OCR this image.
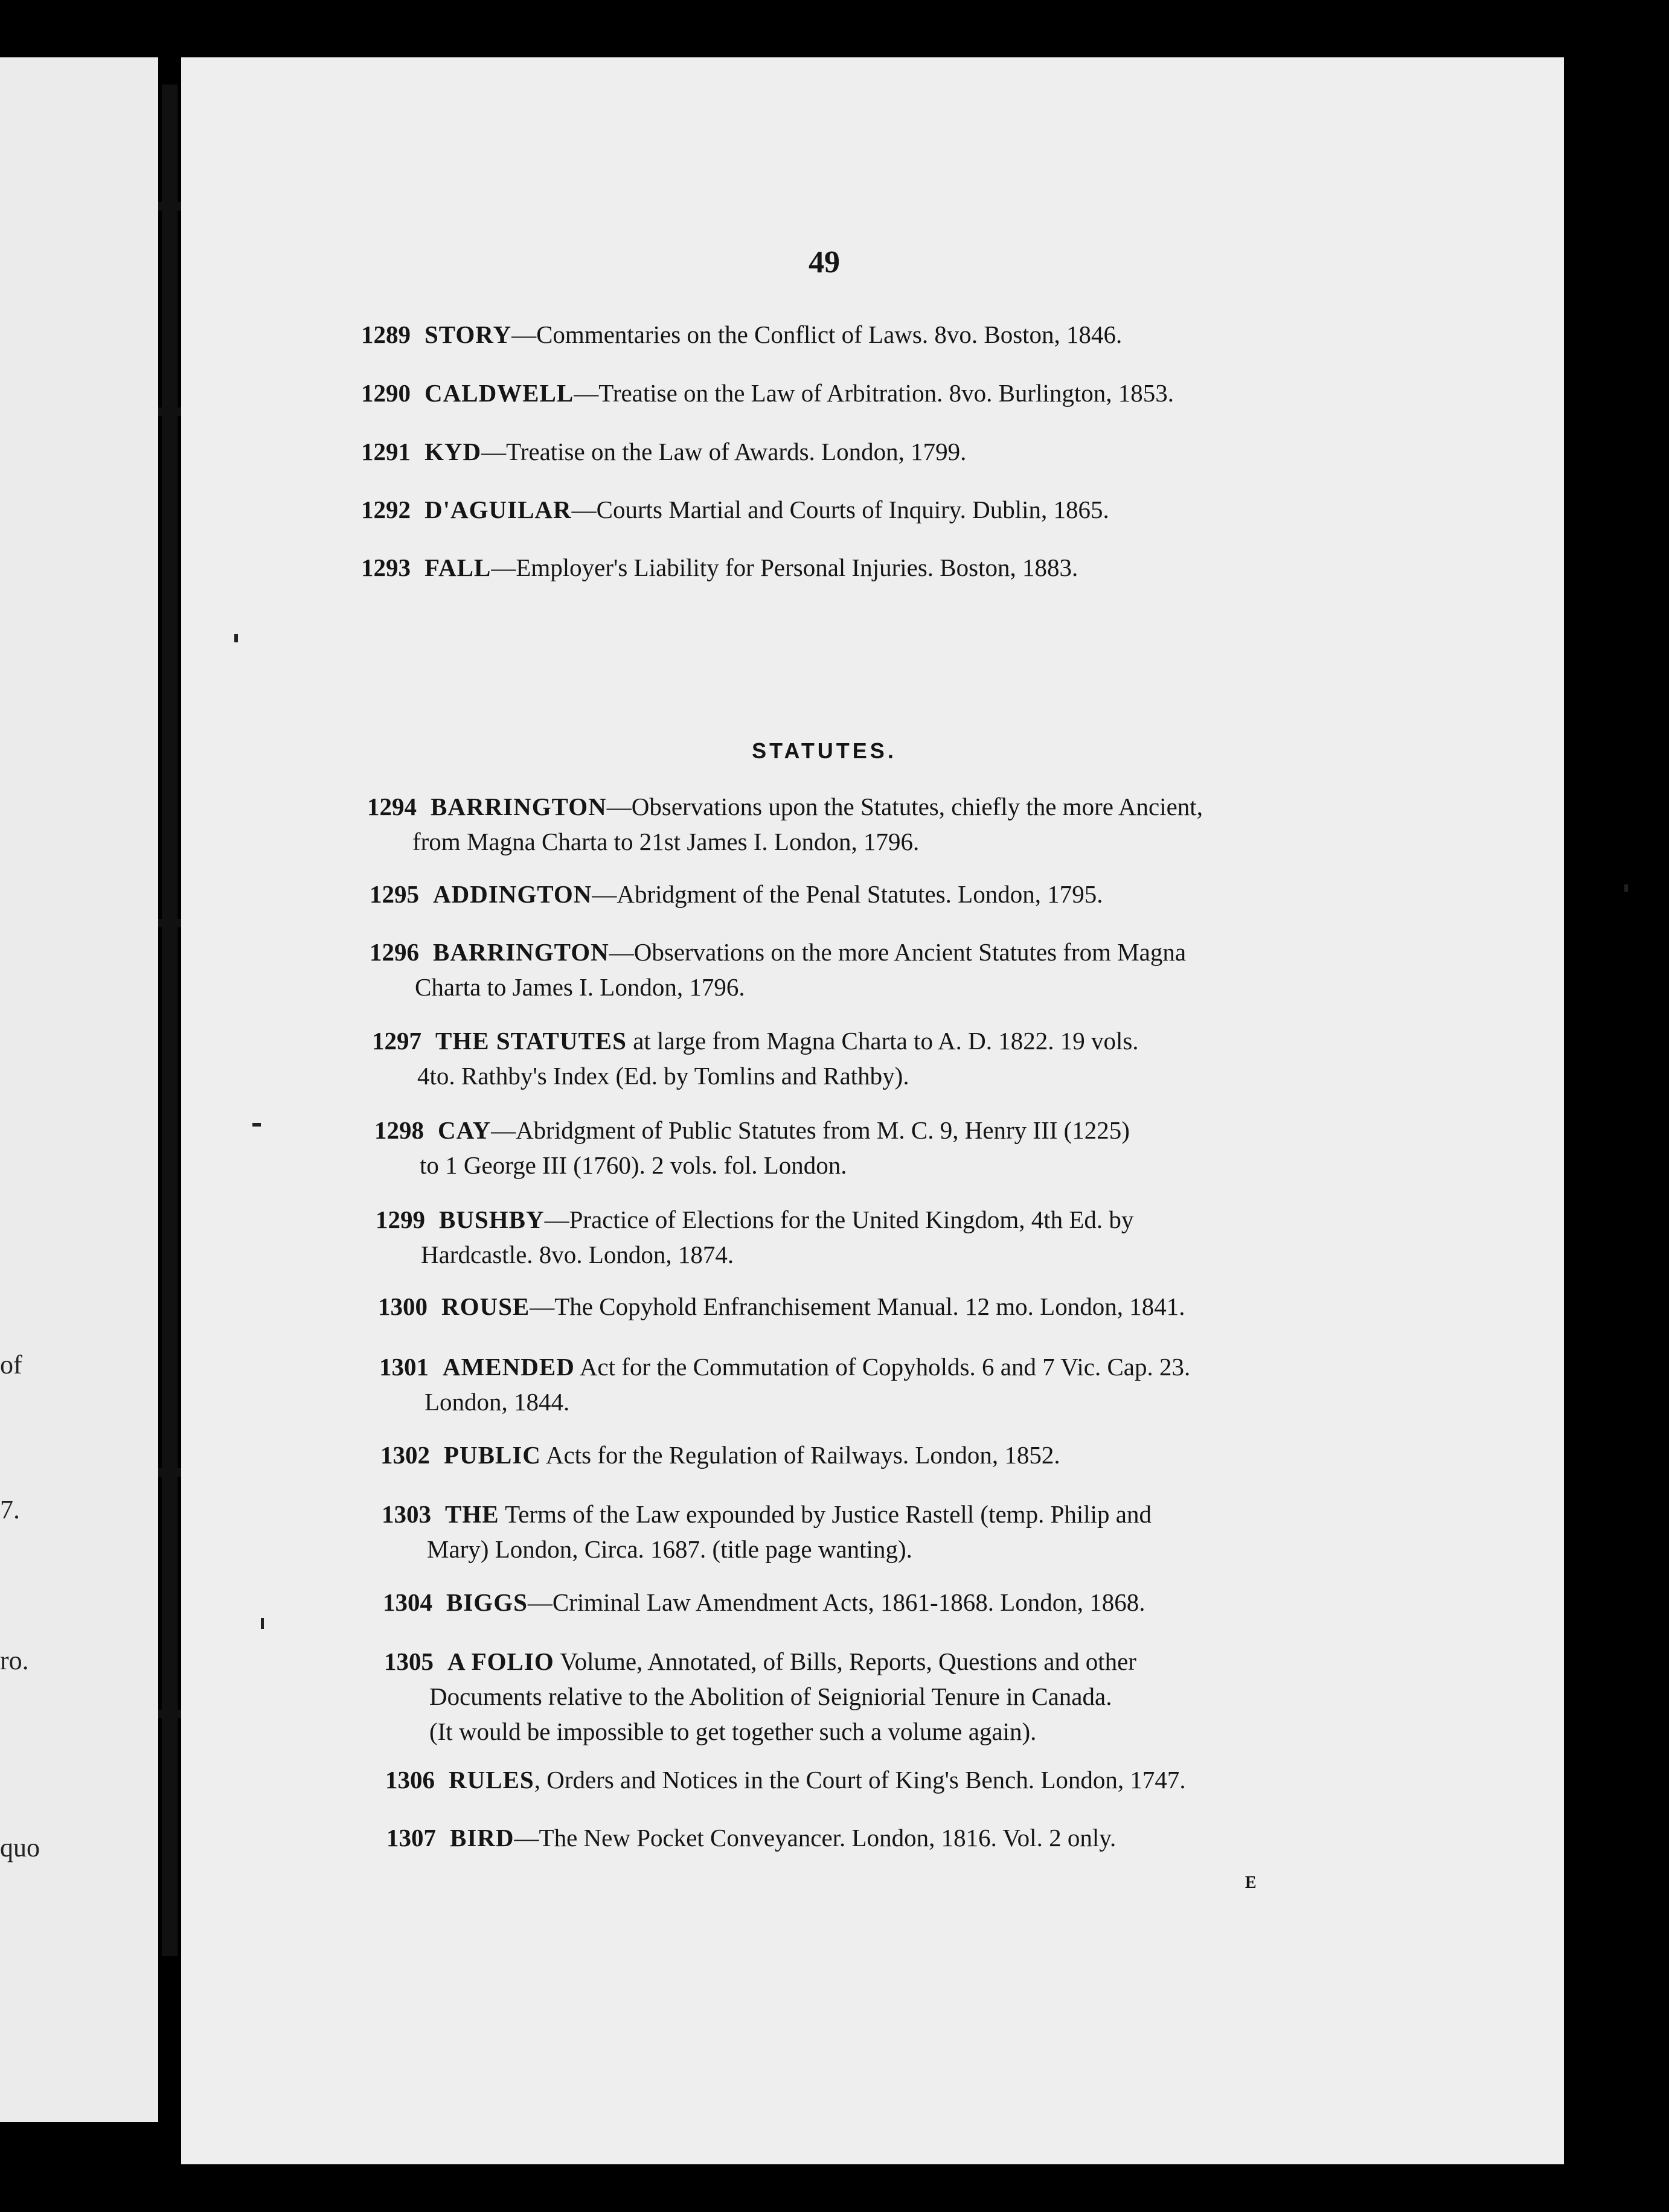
of
7.
ro.
quo
49
1289 STORY—Commentaries on the Conflict of Laws. 8vo. Boston, 1846.
1290 CALDWELL—Treatise on the Law of Arbitration. 8vo. Burlington, 1853.
1291 KYD—Treatise on the Law of Awards. London, 1799.
1292 D'AGUILAR—Courts Martial and Courts of Inquiry. Dublin, 1865.
1293 FALL—Employer's Liability for Personal Injuries. Boston, 1883.
STATUTES.
1294 BARRINGTON—Observations upon the Statutes, chiefly the more Ancient,
from Magna Charta to 21st James I. London, 1796.
1295 ADDINGTON—Abridgment of the Penal Statutes. London, 1795.
1296 BARRINGTON—Observations on the more Ancient Statutes from Magna
Charta to James I. London, 1796.
1297 THE STATUTES at large from Magna Charta to A. D. 1822. 19 vols.
4to. Rathby's Index (Ed. by Tomlins and Rathby).
1298 CAY—Abridgment of Public Statutes from M. C. 9, Henry III (1225)
to 1 George III (1760). 2 vols. fol. London.
1299 BUSHBY—Practice of Elections for the United Kingdom, 4th Ed. by
Hardcastle. 8vo. London, 1874.
1300 ROUSE—The Copyhold Enfranchisement Manual. 12 mo. London, 1841.
1301 AMENDED Act for the Commutation of Copyholds. 6 and 7 Vic. Cap. 23.
London, 1844.
1302 PUBLIC Acts for the Regulation of Railways. London, 1852.
1303 THE Terms of the Law expounded by Justice Rastell (temp. Philip and
Mary) London, Circa. 1687. (title page wanting).
1304 BIGGS—Criminal Law Amendment Acts, 1861-1868. London, 1868.
1305 A FOLIO Volume, Annotated, of Bills, Reports, Questions and other
Documents relative to the Abolition of Seigniorial Tenure in Canada.
(It would be impossible to get together such a volume again).
1306 RULES, Orders and Notices in the Court of King's Bench. London, 1747.
1307 BIRD—The New Pocket Conveyancer. London, 1816. Vol. 2 only.
E
